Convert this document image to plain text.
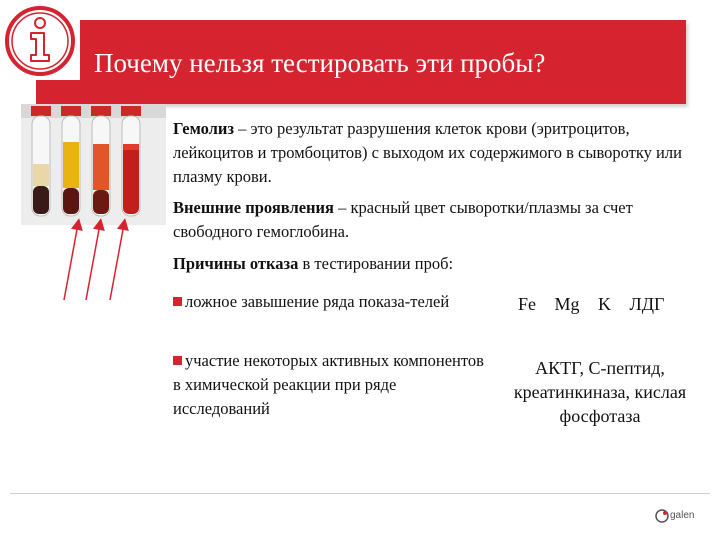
Почему нельзя тестировать эти пробы?
Гемолиз – это результат разрушения клеток крови (эритроцитов, лейкоцитов и тромбоцитов) с выходом их содержимого в сыворотку или плазму крови.
Внешние проявления – красный цвет сыворотки/плазмы за счет свободного гемоглобина.
Причины отказа в тестировании проб:
ложное завышение ряда показа-телей
участие некоторых активных компонентов в химической реакции при ряде исследований
Fe Mg K ЛДГ
АКТГ, С-пептид, креатинкиназа, кислая фосфотаза
galen
